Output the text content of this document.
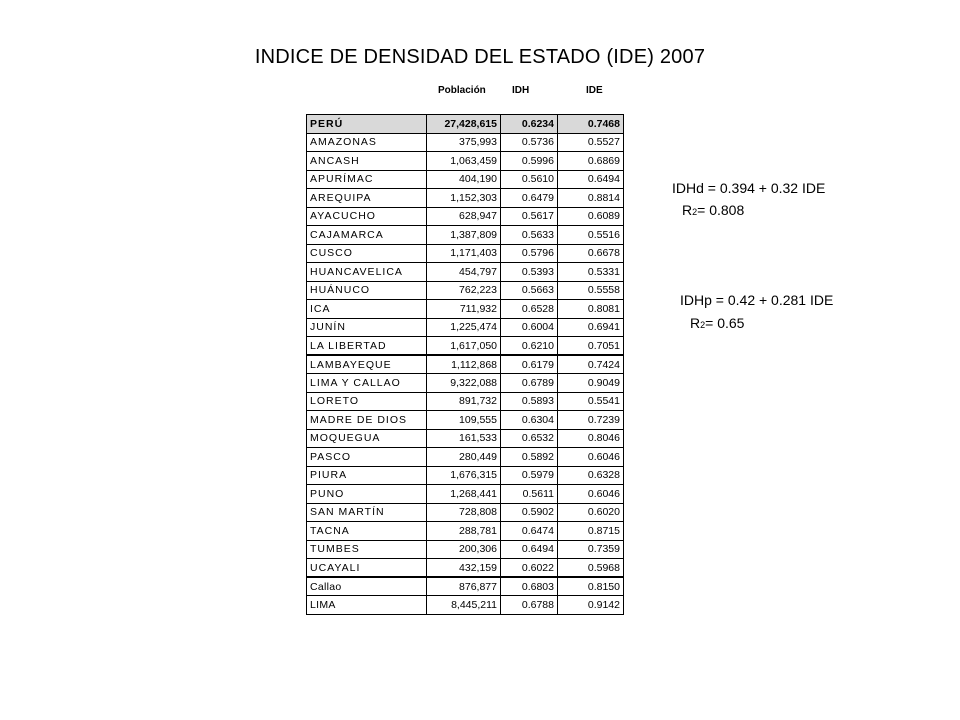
INDICE DE DENSIDAD DEL ESTADO (IDE) 2007
Población	IDH	IDE
PERÚ	27,428,615	0.6234	0.7468
AMAZONAS	375,993	0.5736	0.5527
ANCASH	1,063,459	0.5996	0.6869
APURÍMAC	404,190	0.5610	0.6494
AREQUIPA	1,152,303	0.6479	0.8814
AYACUCHO	628,947	0.5617	0.6089
CAJAMARCA	1,387,809	0.5633	0.5516
CUSCO	1,171,403	0.5796	0.6678
HUANCAVELICA	454,797	0.5393	0.5331
HUÁNUCO	762,223	0.5663	0.5558
ICA	711,932	0.6528	0.8081
JUNÍN	1,225,474	0.6004	0.6941
LA LIBERTAD	1,617,050	0.6210	0.7051
LAMBAYEQUE	1,112,868	0.6179	0.7424
LIMA Y CALLAO	9,322,088	0.6789	0.9049
LORETO	891,732	0.5893	0.5541
MADRE DE DIOS	109,555	0.6304	0.7239
MOQUEGUA	161,533	0.6532	0.8046
PASCO	280,449	0.5892	0.6046
PIURA	1,676,315	0.5979	0.6328
PUNO	1,268,441	0.5611	0.6046
SAN MARTÍN	728,808	0.5902	0.6020
TACNA	288,781	0.6474	0.8715
TUMBES	200,306	0.6494	0.7359
UCAYALI	432,159	0.6022	0.5968
Callao	876,877	0.6803	0.8150
LIMA	8,445,211	0.6788	0.9142

IDHd = 0.394 + 0.32 IDE

R2= 0.808

IDHp = 0.42 + 0.281 IDE

R2= 0.65
